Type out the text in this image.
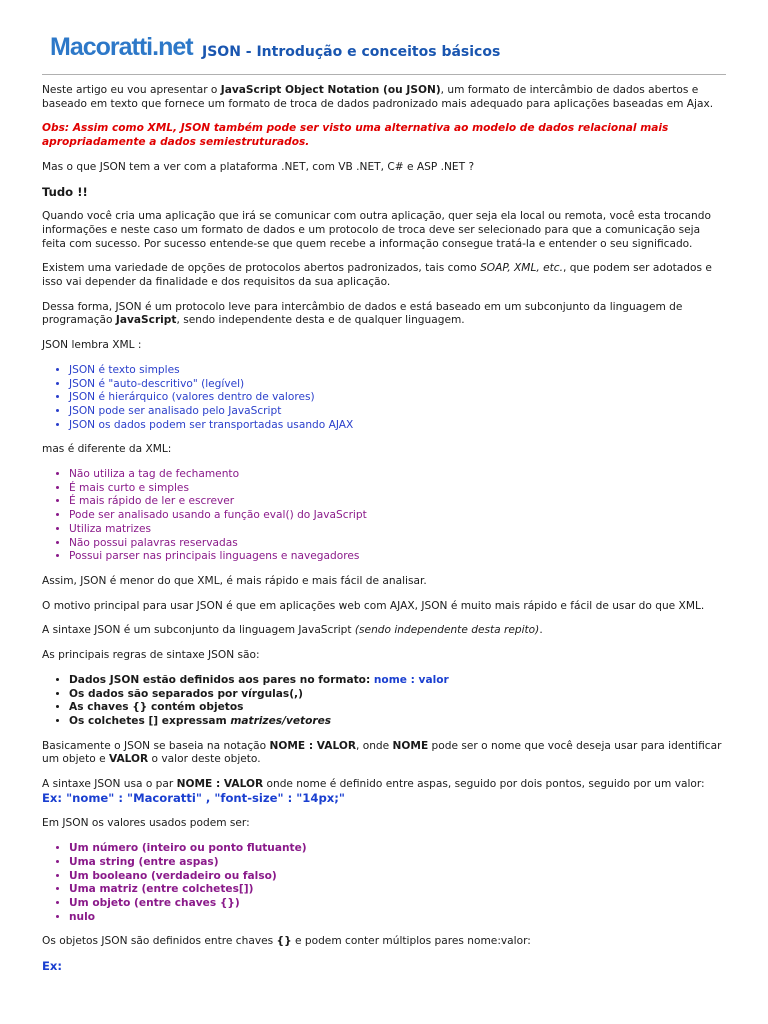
Macoratti.net JSON - Introdução e conceitos básicos

Neste artigo eu vou apresentar o JavaScript Object Notation (ou JSON), um formato de intercâmbio de dados abertos e baseado em texto que fornece um formato de troca de dados padronizado mais adequado para aplicações baseadas em Ajax.

Obs: Assim como XML, JSON também pode ser visto uma alternativa ao modelo de dados relacional mais apropriadamente a dados semiestruturados.

Mas o que JSON tem a ver com a plataforma .NET, com VB .NET, C# e ASP .NET ?

Tudo !!

Quando você cria uma aplicação que irá se comunicar com outra aplicação, quer seja ela local ou remota, você esta trocando informações e neste caso um formato de dados e um protocolo de troca deve ser selecionado para que a comunicação seja feita com sucesso. Por sucesso entende-se que quem recebe a informação consegue tratá-la e entender o seu significado.

Existem uma variedade de opções de protocolos abertos padronizados, tais como SOAP, XML, etc., que podem ser adotados e isso vai depender da finalidade e dos requisitos da sua aplicação.

Dessa forma, JSON é um protocolo leve para intercâmbio de dados e está baseado em um subconjunto da linguagem de programação JavaScript, sendo independente desta e de qualquer linguagem.

JSON lembra XML :

• JSON é texto simples
• JSON é "auto-descritivo" (legível)
• JSON é hierárquico (valores dentro de valores)
• JSON pode ser analisado pelo JavaScript
• JSON os dados podem ser transportadas usando AJAX

mas é diferente da XML:

• Não utiliza a tag de fechamento
• É mais curto e simples
• É mais rápido de ler e escrever
• Pode ser analisado usando a função eval() do JavaScript
• Utiliza matrizes
• Não possui palavras reservadas
• Possui parser nas principais linguagens e navegadores

Assim, JSON é menor do que XML, é mais rápido e mais fácil de analisar.

O motivo principal para usar JSON é que em aplicações web com AJAX, JSON é muito mais rápido e fácil de usar do que XML.

A sintaxe JSON é um subconjunto da linguagem JavaScript (sendo independente desta repito).

As principais regras de sintaxe JSON são:

• Dados JSON estão definidos aos pares no formato: nome : valor
• Os dados são separados por vírgulas(,)
• As chaves {} contém objetos
• Os colchetes [] expressam matrizes/vetores

Basicamente o JSON se baseia na notação NOME : VALOR, onde NOME pode ser o nome que você deseja usar para identificar um objeto e VALOR o valor deste objeto.

A sintaxe JSON usa o par NOME : VALOR onde nome é definido entre aspas, seguido por dois pontos, seguido por um valor: Ex: "nome" : "Macoratti" , "font-size" : "14px;"

Em JSON os valores usados podem ser:

• Um número (inteiro ou ponto flutuante)
• Uma string (entre aspas)
• Um booleano (verdadeiro ou falso)
• Uma matriz (entre colchetes[])
• Um objeto (entre chaves {})
• nulo

Os objetos JSON são definidos entre chaves {} e podem conter múltiplos pares nome:valor:

Ex:
